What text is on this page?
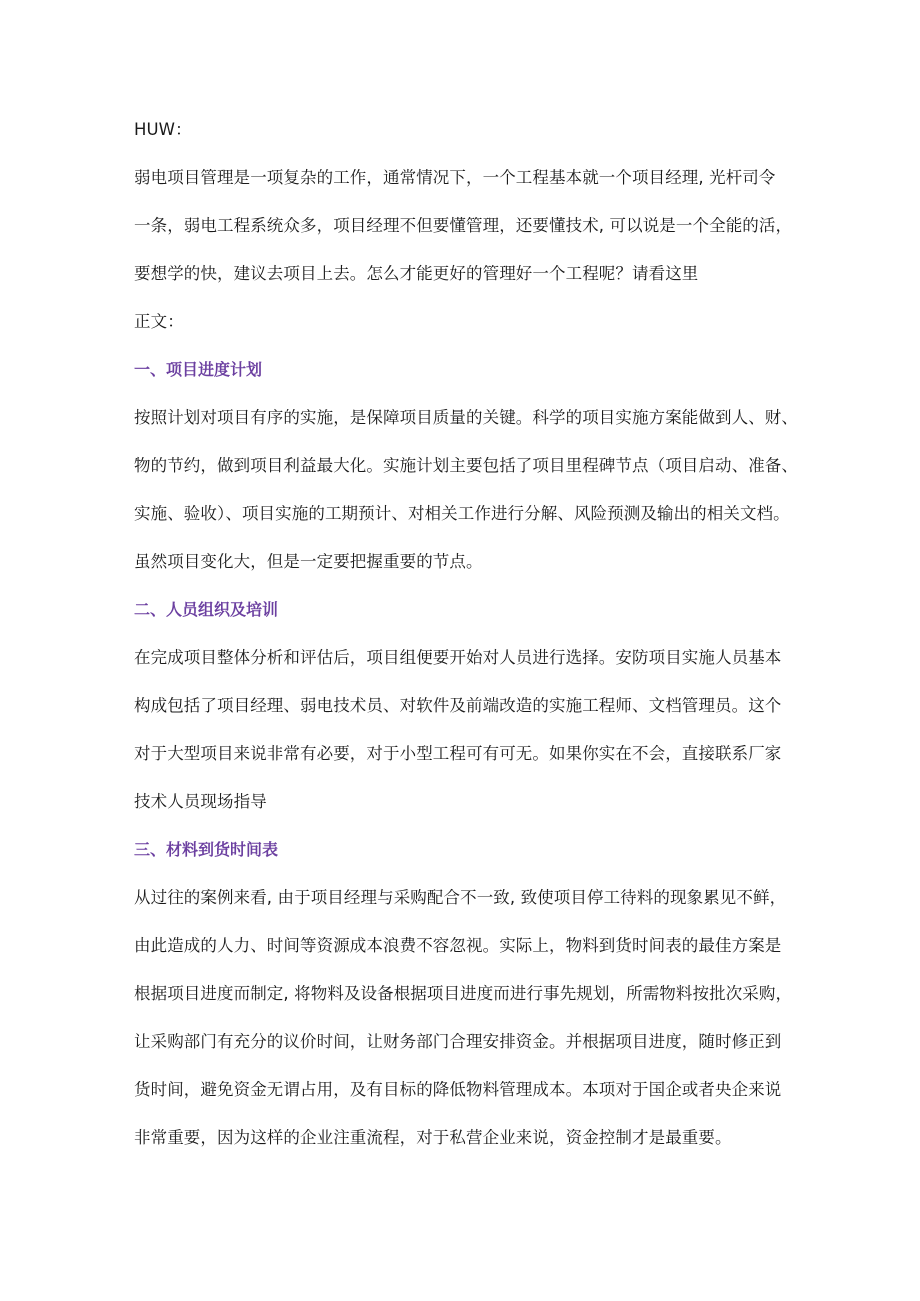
HUW：
弱电项目管理是一项复杂的工作，通常情况下，一个工程基本就一个项目经理, 光杆司令
一条，弱电工程系统众多，项目经理不但要懂管理，还要懂技术, 可以说是一个全能的活，
要想学的快，建议去项目上去。怎么才能更好的管理好一个工程呢？请看这里
正文：
一、项目进度计划
按照计划对项目有序的实施，是保障项目质量的关键。科学的项目实施方案能做到人、财、
物的节约，做到项目利益最大化。实施计划主要包括了项目里程碑节点（项目启动、准备、
实施、验收）、项目实施的工期预计、对相关工作进行分解、风险预测及输出的相关文档。
虽然项目变化大，但是一定要把握重要的节点。
二、人员组织及培训
在完成项目整体分析和评估后，项目组便要开始对人员进行选择。安防项目实施人员基本
构成包括了项目经理、弱电技术员、对软件及前端改造的实施工程师、文档管理员。这个
对于大型项目来说非常有必要，对于小型工程可有可无。如果你实在不会，直接联系厂家
技术人员现场指导
三、材料到货时间表
从过往的案例来看, 由于项目经理与采购配合不一致, 致使项目停工待料的现象累见不鲜，
由此造成的人力、时间等资源成本浪费不容忽视。实际上，物料到货时间表的最佳方案是
根据项目进度而制定, 将物料及设备根据项目进度而进行事先规划，所需物料按批次采购，
让采购部门有充分的议价时间，让财务部门合理安排资金。并根据项目进度，随时修正到
货时间，避免资金无谓占用，及有目标的降低物料管理成本。本项对于国企或者央企来说
非常重要，因为这样的企业注重流程，对于私营企业来说，资金控制才是最重要。
